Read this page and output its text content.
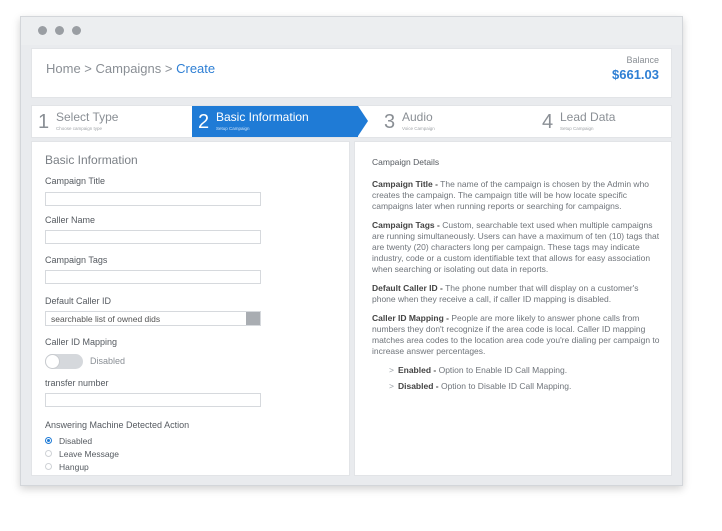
Home > Campaigns > Create
Balance
$661.03
1 Select Type
Choose campaign type	2 Basic Information
Setup Campaign	3 Audio
Voice Campaign	4 Lead Data
Setup Campaign
Basic Information
Campaign Title
Caller Name
Campaign Tags
Default Caller ID
searchable list of owned dids
Caller ID Mapping
Disabled
transfer number
Answering Machine Detected Action
Disabled
Leave Message
Hangup
Campaign Details

Campaign Title - The name of the campaign is chosen by the Admin who creates the campaign. The campaign title will be how locate specific campaigns later when running reports or searching for campaigns.

Campaign Tags - Custom, searchable text used when multiple campaigns are running simultaneously. Users can have a maximum of ten (10) tags that are twenty (20) characters long per campaign. These tags may indicate industry, code or a custom identifiable text that allows for easy association when searching or isolating out data in reports.

Default Caller ID - The phone number that will display on a customer's phone when they receive a call, if caller ID mapping is disabled.

Caller ID Mapping - People are more likely to answer phone calls from numbers they don't recognize if the area code is local. Caller ID mapping matches area codes to the location area code you're dialing per campaign to increase answer percentages.

> Enabled - Option to Enable ID Call Mapping.

> Disabled - Option to Disable ID Call Mapping.
